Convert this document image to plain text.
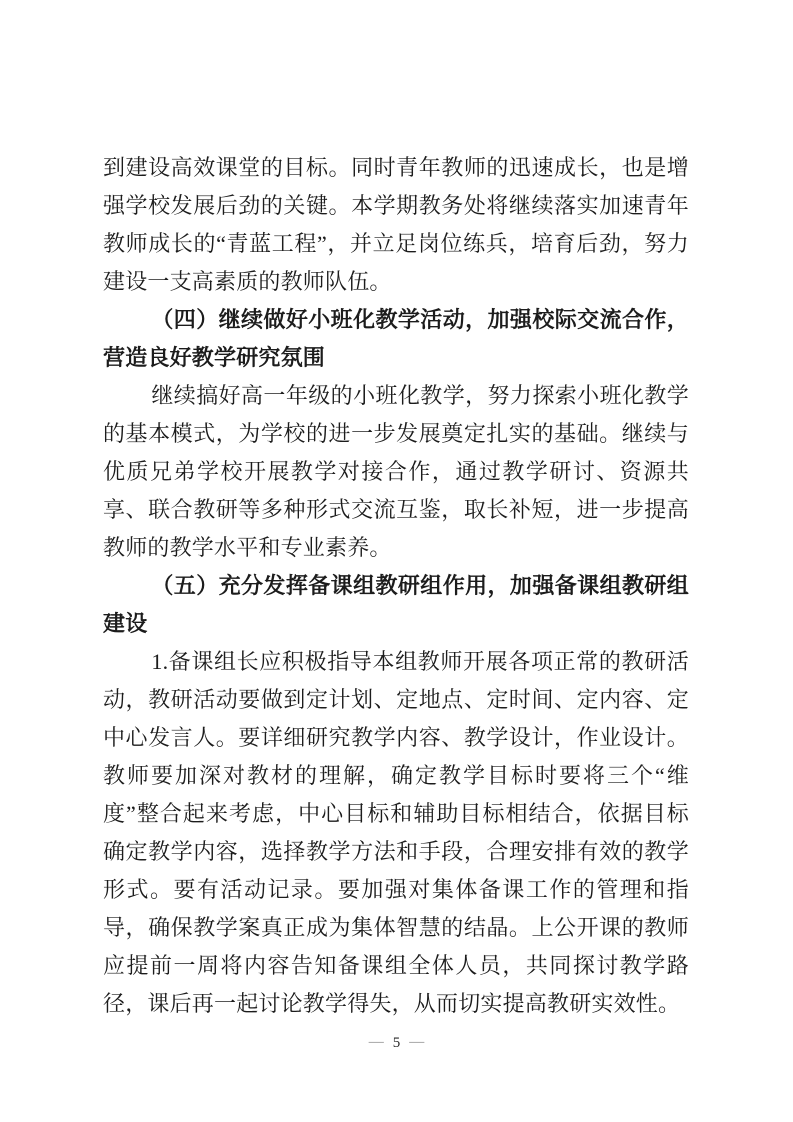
到建设高效课堂的目标。同时青年教师的迅速成长，也是增强学校发展后劲的关键。本学期教务处将继续落实加速青年教师成长的“青蓝工程”，并立足岗位练兵，培育后劲，努力建设一支高素质的教师队伍。

（四）继续做好小班化教学活动，加强校际交流合作，营造良好教学研究氛围

继续搞好高一年级的小班化教学，努力探索小班化教学的基本模式，为学校的进一步发展奠定扎实的基础。继续与优质兄弟学校开展教学对接合作，通过教学研讨、资源共享、联合教研等多种形式交流互鉴，取长补短，进一步提高教师的教学水平和专业素养。

（五）充分发挥备课组教研组作用，加强备课组教研组建设

1.备课组长应积极指导本组教师开展各项正常的教研活动，教研活动要做到定计划、定地点、定时间、定内容、定中心发言人。要详细研究教学内容、教学设计，作业设计。教师要加深对教材的理解，确定教学目标时要将三个“维度”整合起来考虑，中心目标和辅助目标相结合，依据目标确定教学内容，选择教学方法和手段，合理安排有效的教学形式。要有活动记录。要加强对集体备课工作的管理和指导，确保教学案真正成为集体智慧的结晶。上公开课的教师应提前一周将内容告知备课组全体人员，共同探讨教学路径，课后再一起讨论教学得失，从而切实提高教研实效性。

— 5 —
